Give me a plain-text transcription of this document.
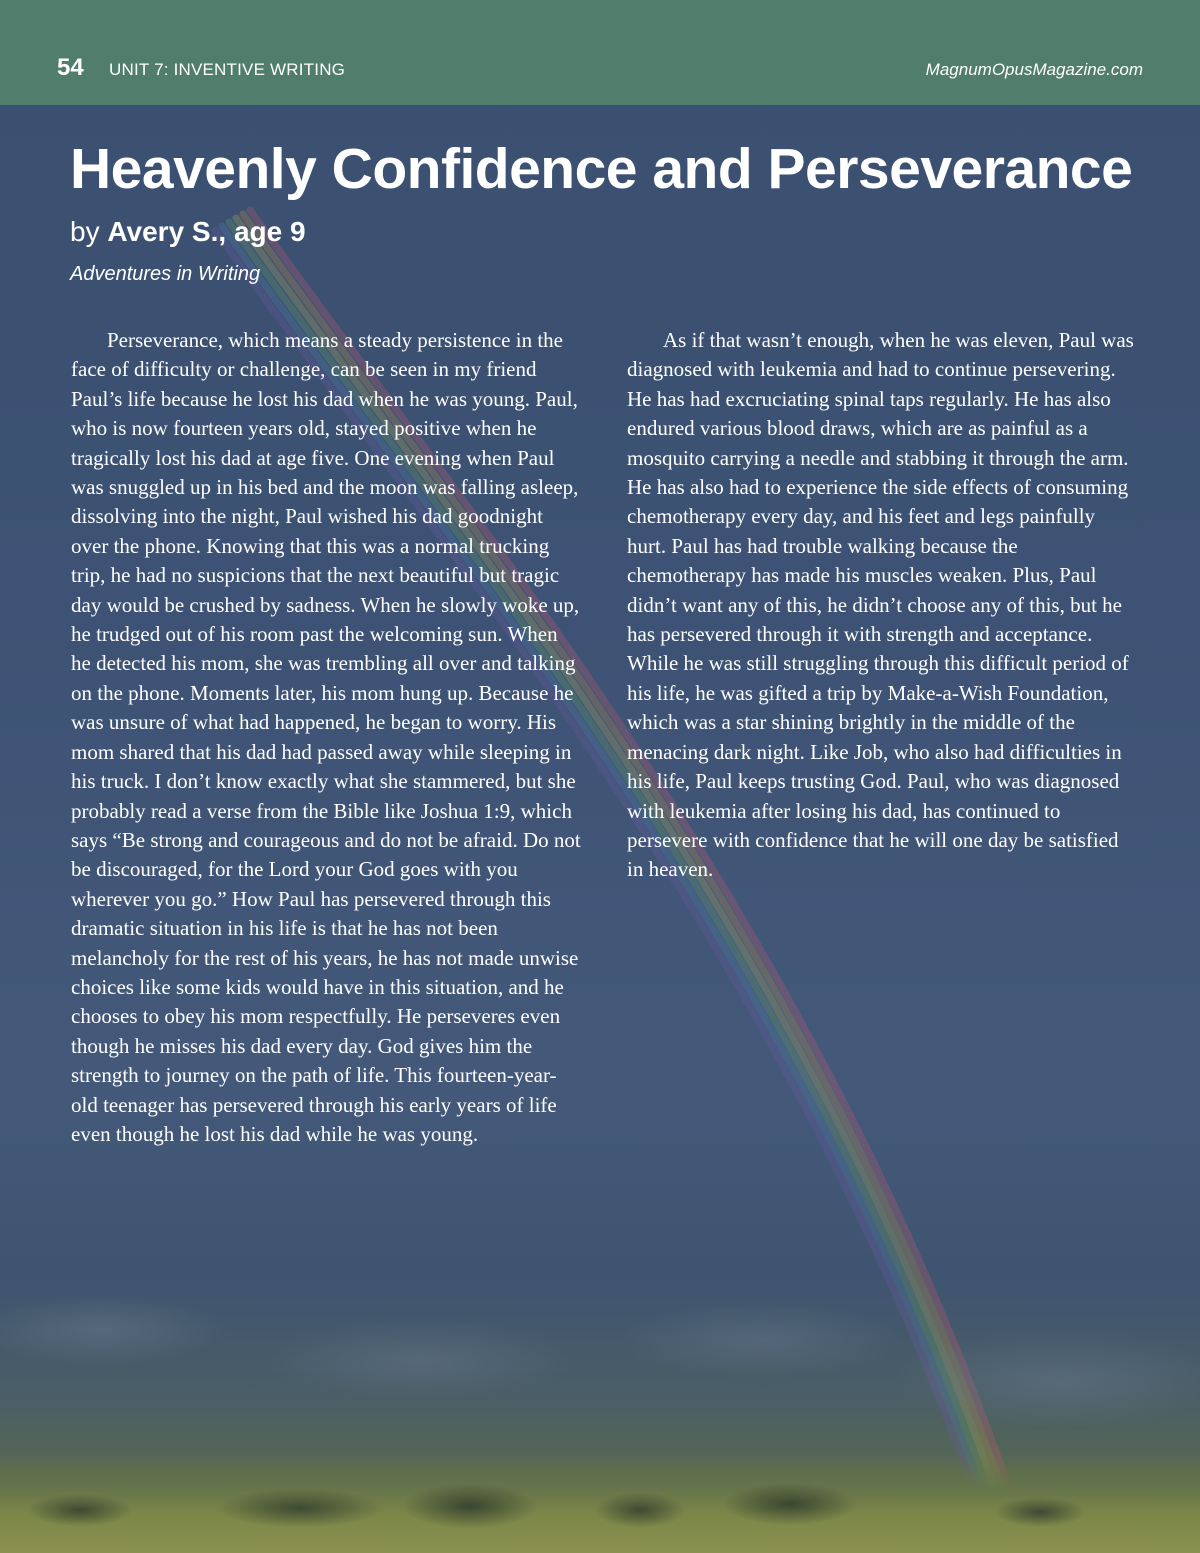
54 UNIT 7: INVENTIVE WRITING	MagnumOpusMagazine.com
Heavenly Confidence and Perseverance
by Avery S., age 9
Adventures in Writing

Perseverance, which means a steady persistence in the face of difficulty or challenge, can be seen in my friend Paul’s life because he lost his dad when he was young. Paul, who is now fourteen years old, stayed positive when he tragically lost his dad at age five. One evening when Paul was snuggled up in his bed and the moon was falling asleep, dissolving into the night, Paul wished his dad goodnight over the phone. Knowing that this was a normal trucking trip, he had no suspicions that the next beautiful but tragic day would be crushed by sadness. When he slowly woke up, he trudged out of his room past the welcoming sun. When he detected his mom, she was trembling all over and talking on the phone. Moments later, his mom hung up. Because he was unsure of what had happened, he began to worry. His mom shared that his dad had passed away while sleeping in his truck. I don’t know exactly what she stammered, but she probably read a verse from the Bible like Joshua 1:9, which says “Be strong and courageous and do not be afraid. Do not be discouraged, for the Lord your God goes with you wherever you go.” How Paul has persevered through this dramatic situation in his life is that he has not been melancholy for the rest of his years, he has not made unwise choices like some kids would have in this situation, and he chooses to obey his mom respectfully. He perseveres even though he misses his dad every day. God gives him the strength to journey on the path of life. This fourteen-year-old teenager has persevered through his early years of life even though he lost his dad while he was young.

As if that wasn’t enough, when he was eleven, Paul was diagnosed with leukemia and had to continue persevering. He has had excruciating spinal taps regularly. He has also endured various blood draws, which are as painful as a mosquito carrying a needle and stabbing it through the arm. He has also had to experience the side effects of consuming chemotherapy every day, and his feet and legs painfully hurt. Paul has had trouble walking because the chemotherapy has made his muscles weaken. Plus, Paul didn’t want any of this, he didn’t choose any of this, but he has persevered through it with strength and acceptance. While he was still struggling through this difficult period of his life, he was gifted a trip by Make-a-Wish Foundation, which was a star shining brightly in the middle of the menacing dark night. Like Job, who also had difficulties in his life, Paul keeps trusting God. Paul, who was diagnosed with leukemia after losing his dad, has continued to persevere with confidence that he will one day be satisfied in heaven.
